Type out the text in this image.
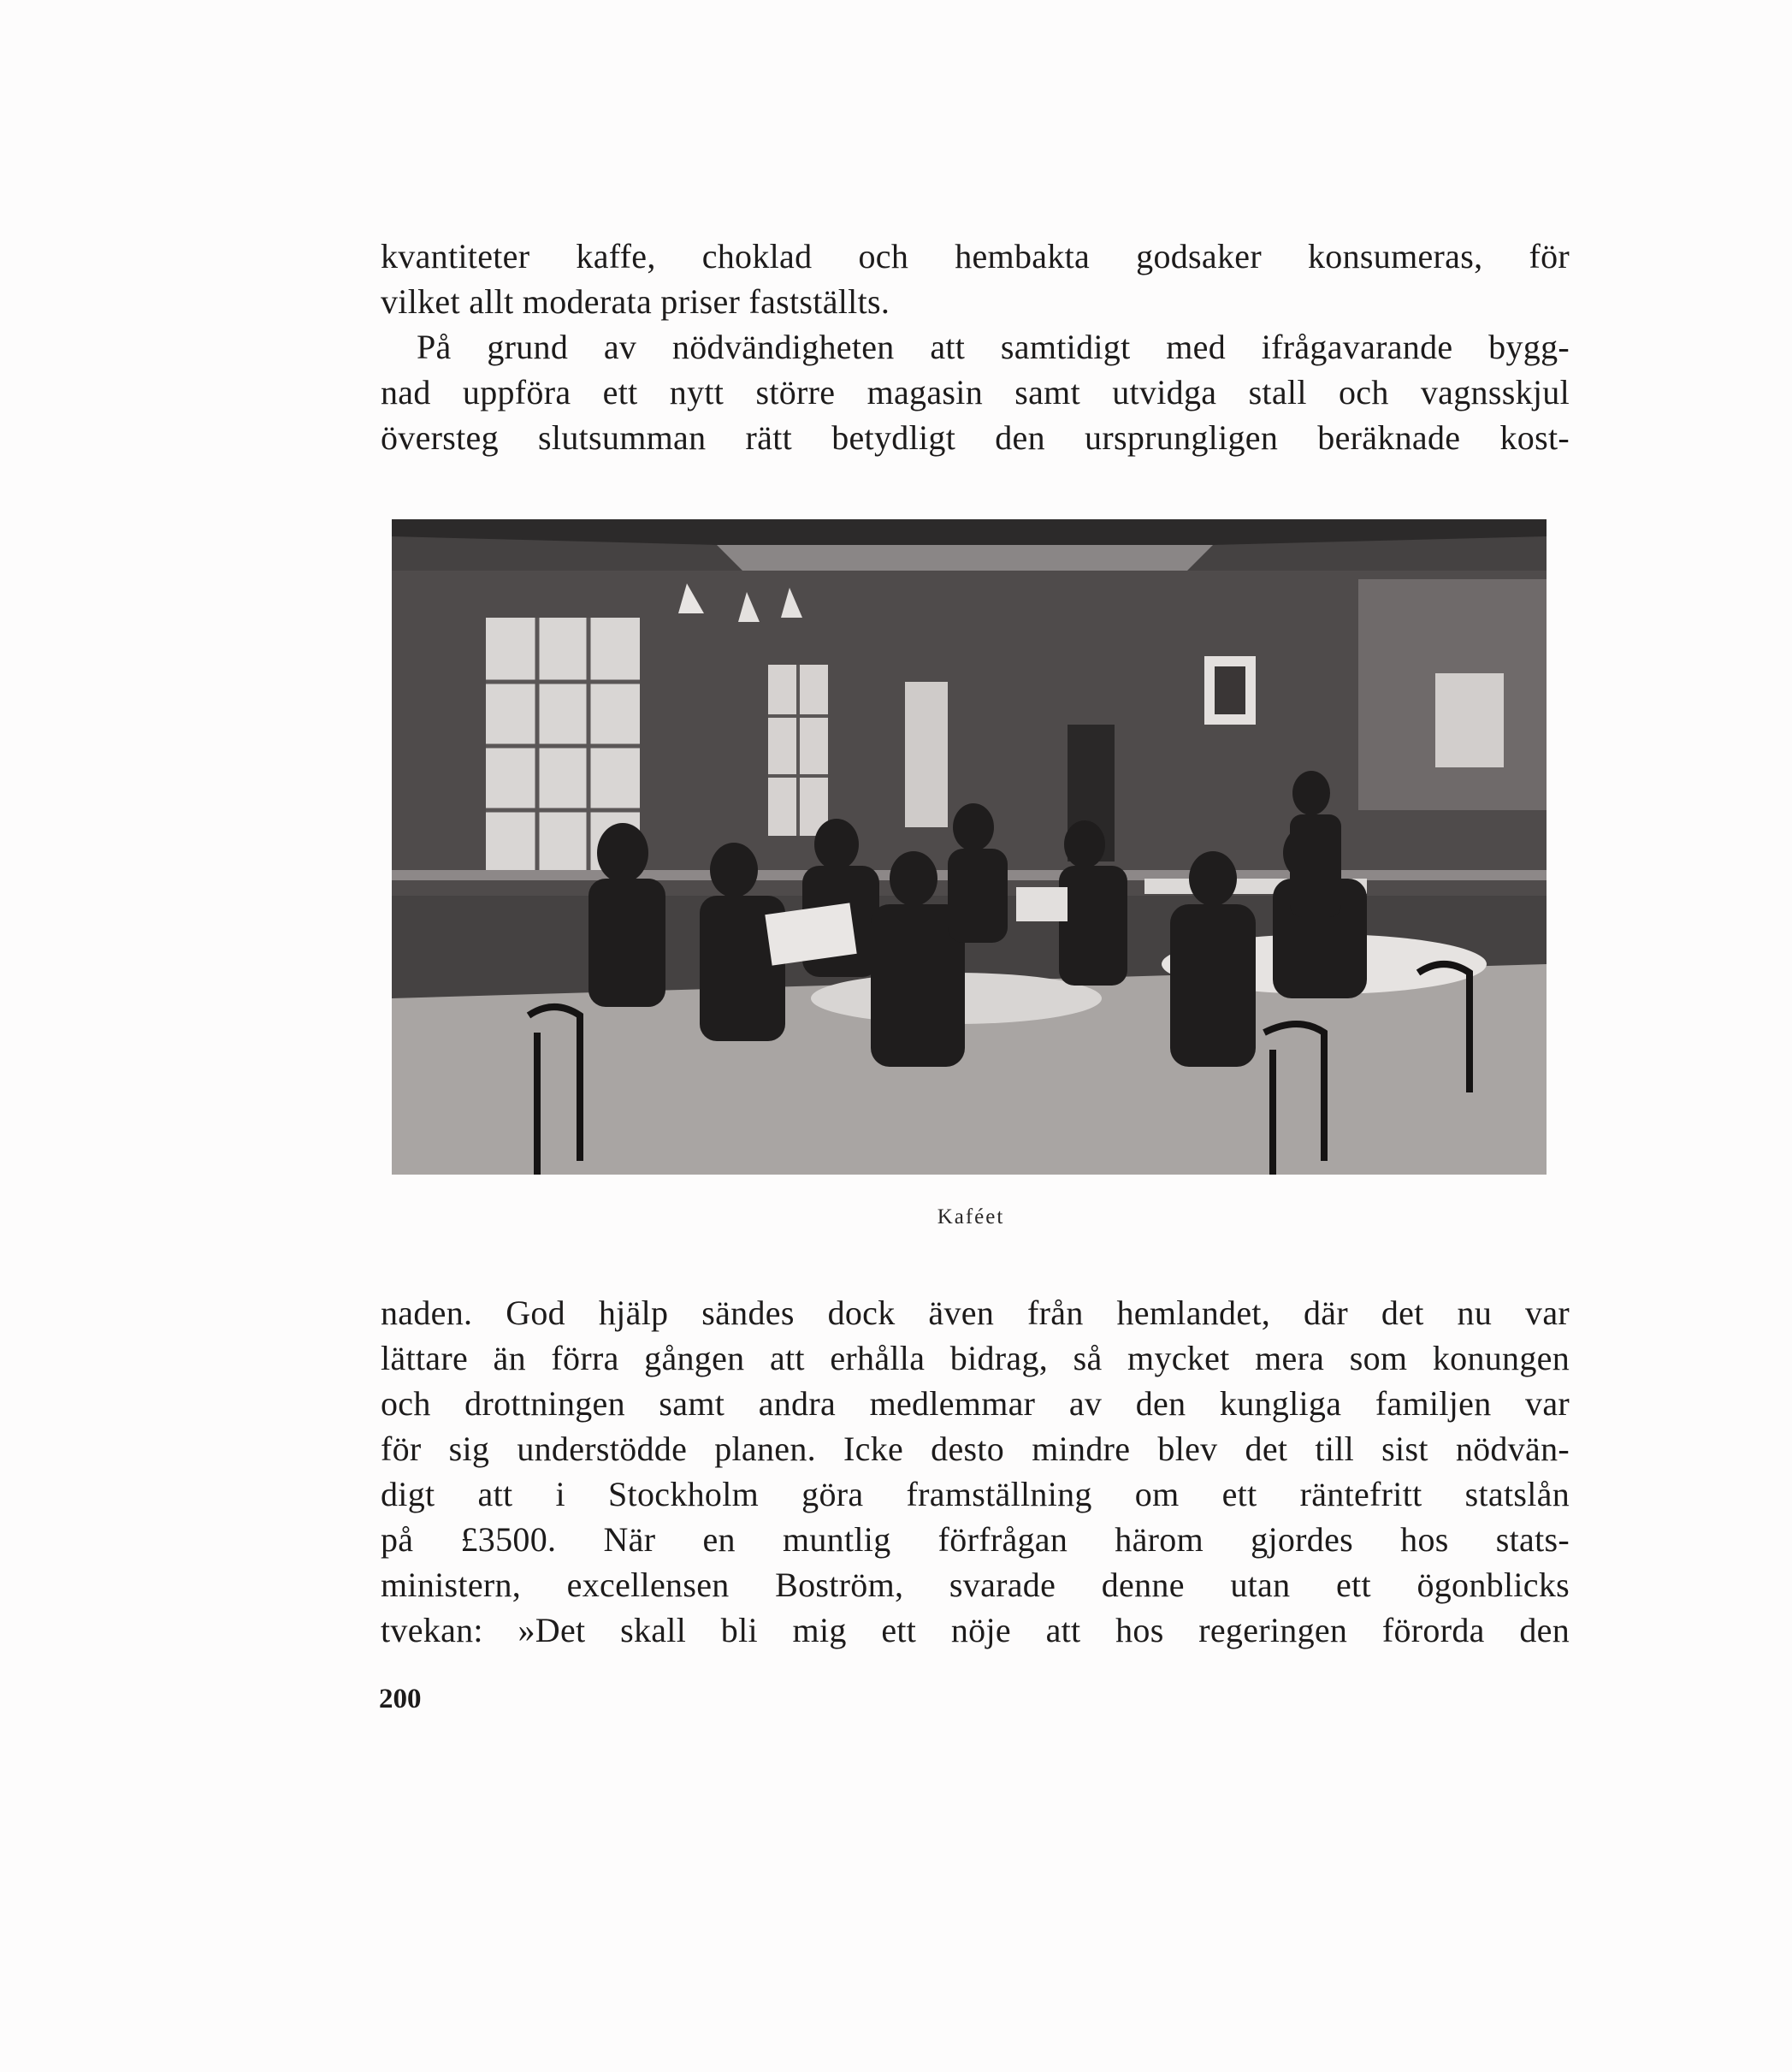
kvantiteter kaffe, choklad och hembakta godsaker konsumeras, för
vilket allt moderata priser fastställts.

På grund av nödvändigheten att samtidigt med ifrågavarande bygg-
nad uppföra ett nytt större magasin samt utvidga stall och vagnsskjul
översteg slutsumman rätt betydligt den ursprungligen beräknade kost-

Kaféet

naden. God hjälp sändes dock även från hemlandet, där det nu var
lättare än förra gången att erhålla bidrag, så mycket mera som konungen
och drottningen samt andra medlemmar av den kungliga familjen var
för sig understödde planen. Icke desto mindre blev det till sist nödvän-
digt att i Stockholm göra framställning om ett räntefritt statslån
på £3500. När en muntlig förfrågan härom gjordes hos stats-
ministern, excellensen Boström, svarade denne utan ett ögonblicks
tvekan: »Det skall bli mig ett nöje att hos regeringen förorda den

200
